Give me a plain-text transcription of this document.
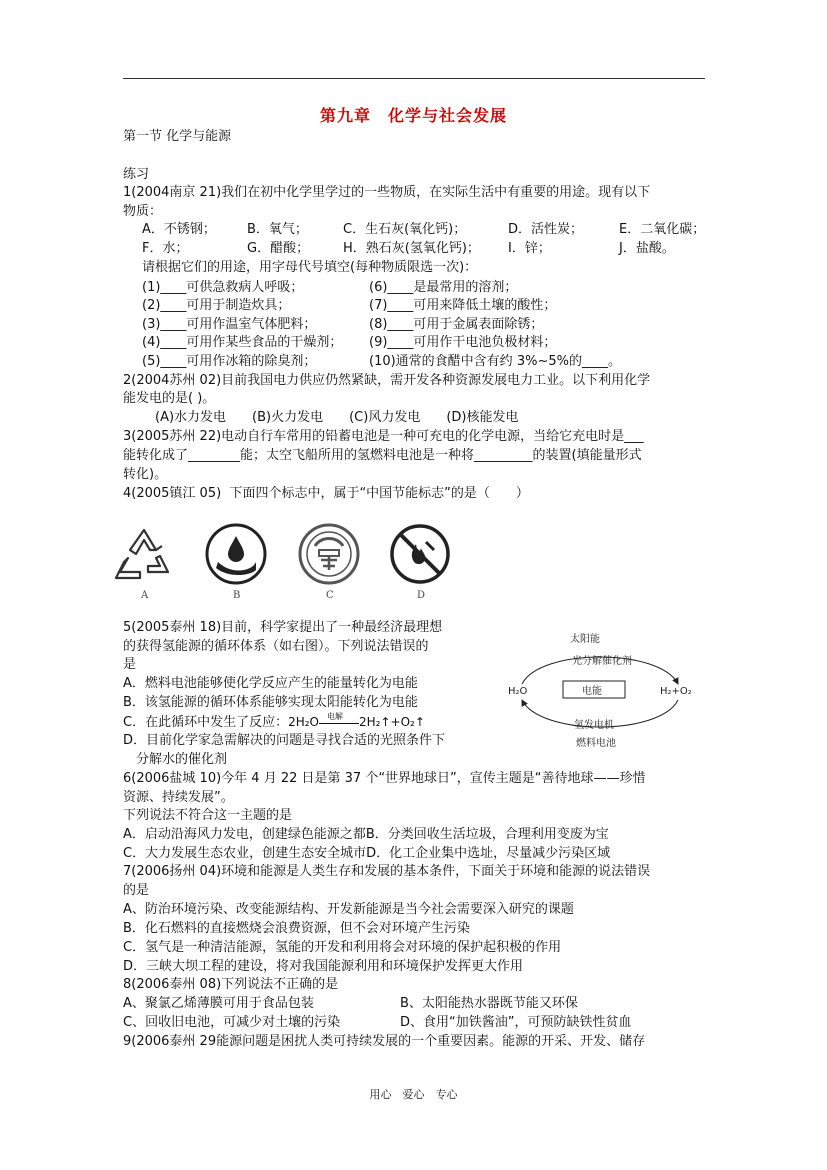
第九章　化学与社会发展
第一节 化学与能源
练习
1(2004南京 21)我们在初中化学里学过的一些物质，在实际生活中有重要的用途。现有以下
物质：
A．不锈钢； B．氧气；	C．生石灰(氧化钙)；	D．活性炭；	E．二氧化碳；
F．水；	G．醋酸；	H．熟石灰(氢氧化钙)； I．锌；	J．盐酸。
请根据它们的用途，用字母代号填空(每种物质限选一次)：
(1)____可供急救病人呼吸；
(2)____可用于制造炊具；
(3)____可用作温室气体肥料；
(4)____可用作某些食品的干燥剂；
(5)____可用作冰箱的除臭剂；
(6)____是最常用的溶剂；
(7)____可用来降低土壤的酸性；
(8)____可用于金属表面除锈；
(9)____可用作干电池负极材料；
(10)通常的食醋中含有约 3%~5%的____。
2(2004苏州 02)目前我国电力供应仍然紧缺，需开发各种资源发展电力工业。以下利用化学
能发电的是( )。
(A)水力发电　　(B)火力发电　　(C)风力发电　　(D)核能发电
3(2005苏州 22)电动自行车常用的铅蓄电池是一种可充电的化学电源，当给它充电时是___
能转化成了________能；太空飞船所用的氢燃料电池是一种将_________的装置(填能量形式
转化)。
4(2005镇江 05)  下面四个标志中，属于“中国节能标志”的是（　　）
A	B	C	D
5(2005泰州 18)目前，科学家提出了一种最经济最理想
的获得氢能源的循环体系（如右图）。下列说法错误的
是
A．燃料电池能够使化学反应产生的能量转化为电能
B．该氢能源的循环体系能够实现太阳能转化为电能
C．在此循环中发生了反应：2H₂O 电解 2H₂↑+O₂↑
D．目前化学家急需解决的问题是寻找合适的光照条件下
分解水的催化剂
太阳能
光分解催化剂
H₂O	电能	H₂+O₂
氢发电机
燃料电池
6(2006盐城 10)今年 4 月 22 日是第 37 个“世界地球日”，宣传主题是“善待地球——珍惜
资源、持续发展”。
下列说法不符合这一主题的是
A．启动沿海风力发电，创建绿色能源之都B．分类回收生活垃圾，合理利用变废为宝
C．大力发展生态农业，创建生态安全城市D．化工企业集中选址，尽量减少污染区域
7(2006扬州 04)环境和能源是人类生存和发展的基本条件，下面关于环境和能源的说法错误
的是
A、防治环境污染、改变能源结构、开发新能源是当今社会需要深入研究的课题
B．化石燃料的直接燃烧会浪费资源，但不会对环境产生污染
C．氢气是一种清洁能源，氢能的开发和利用将会对环境的保护起积极的作用
D．三峡大坝工程的建设，将对我国能源利用和环境保护发挥更大作用
8(2006泰州 08)下列说法不正确的是
A、聚氯乙烯薄膜可用于食品包装	B、太阳能热水器既节能又环保
C、回收旧电池，可减少对土壤的污染	D、食用“加铁酱油”，可预防缺铁性贫血
9(2006泰州 29能源问题是困扰人类可持续发展的一个重要因素。能源的开采、开发、储存
用心　爱心　专心
